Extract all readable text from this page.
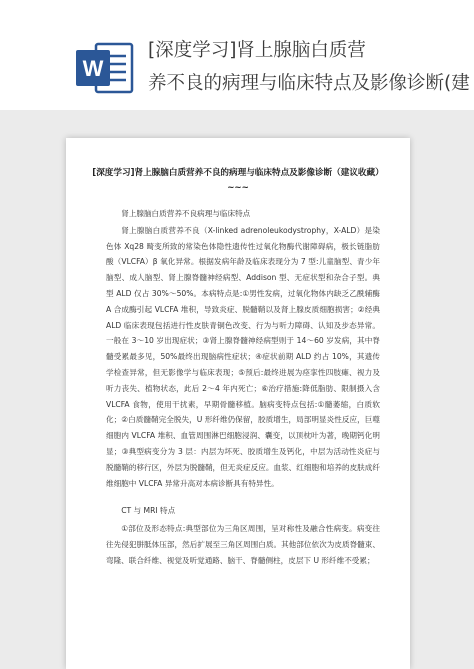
W
[深度学习]肾上腺脑白质营
养不良的病理与临床特点及影像诊断(建
[深度学习]肾上腺脑白质营养不良的病理与临床特点及影像诊断（建议收藏） ~~~

肾上腺脑白质营养不良病理与临床特点

肾上腺脑白质营养不良（X-linked adrenoleukodystrophy，X-ALD）是染色体 Xq28 畸变所致的常染色体隐性遗传性过氧化物酶代谢障碍病，极长链脂肪酸（VLCFA）β 氧化异常。根据发病年龄及临床表现分为 7 型:儿童脑型、青少年脑型、成人脑型、肾上腺脊髓神经病型、Addison 型、无症状型和杂合子型。典型 ALD 仅占 30%～50%。本病特点是:①男性发病，过氧化物体内缺乏乙酰辅酶 A 合成酶引起 VLCFA 堆积，导致炎症、脱髓鞘以及肾上腺皮质细胞损害；②经典 ALD 临床表现包括进行性皮肤青铜色改变、行为与听力障碍、认知及步态异常。一般在 3～10 岁出现症状；③肾上腺脊髓神经病型则于 14～60 岁发病，其中脊髓受累最多见，50%最终出现脑病性症状；④症状前期 ALD 约占 10%，其遗传学检查异常，但无影像学与临床表现；⑤预后:最终进展为痉挛性四肢瘫、视力及听力丧失、植物状态，此后 2～4 年内死亡；⑥治疗措施:降低脂肪、限制摄入含 VLCFA 食物，使用干扰素，早期骨髓移植。脑病变特点包括:①髓萎缩，白质软化；②白质髓鞘完全脱失，U 形纤维仍保留，胶质增生，局部明显炎性反应，巨噬细胞内 VLCFA 堆积、血管周围淋巴细胞浸润、囊变，以顶枕叶为著，晚期钙化明显；③典型病变分为 3 层：内层为坏死、胶质增生及钙化，中层为活动性炎症与脱髓鞘的移行区，外层为脱髓鞘，但无炎症反应。血浆、红细胞和培养的皮肤成纤维细胞中 VLCFA 异常升高对本病诊断具有特异性。

CT 与 MRI 特点

①部位及形态特点:典型部位为三角区周围，呈对称性及融合性病变。病变往往先侵犯胼胝体压部，然后扩展至三角区周围白质。其他部位依次为皮质脊髓束、弯隆、联合纤维、视觉及听觉通路、脑干、脊髓侧柱，皮层下 U 形纤维不受累；
